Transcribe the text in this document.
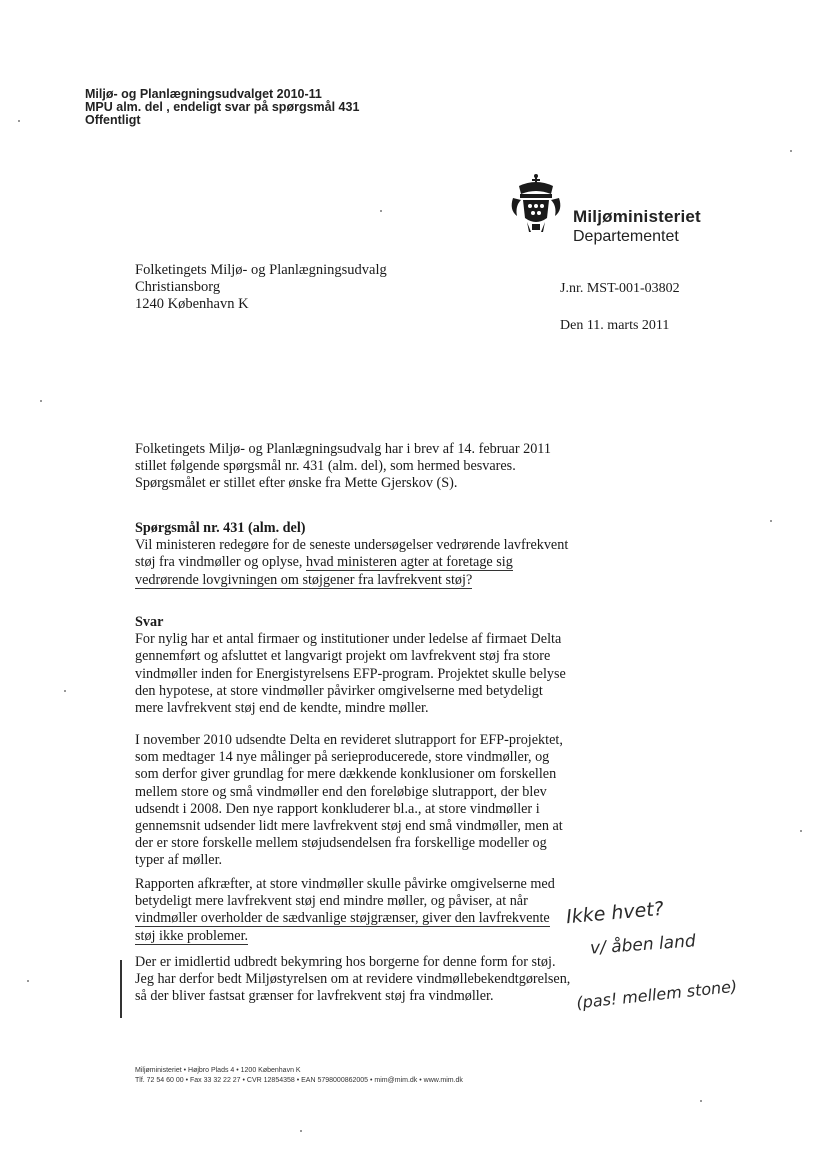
Miljø- og Planlægningsudvalget 2010-11
MPU alm. del , endeligt svar på spørgsmål 431
Offentligt
Miljøministeriet
Departementet
Folketingets Miljø- og Planlægningsudvalg
Christiansborg
1240 København K
J.nr. MST-001-03802
Den 11. marts 2011
Folketingets Miljø- og Planlægningsudvalg har i brev af 14. februar 2011
stillet følgende spørgsmål nr. 431 (alm. del), som hermed besvares.
Spørgsmålet er stillet efter ønske fra Mette Gjerskov (S).
Spørgsmål nr. 431 (alm. del)
Vil ministeren redegøre for de seneste undersøgelser vedrørende lavfrekvent
støj fra vindmøller og oplyse, hvad ministeren agter at foretage sig
vedrørende lovgivningen om støjgener fra lavfrekvent støj?
Svar
For nylig har et antal firmaer og institutioner under ledelse af firmaet Delta
gennemført og afsluttet et langvarigt projekt om lavfrekvent støj fra store
vindmøller inden for Energistyrelsens EFP-program. Projektet skulle belyse
den hypotese, at store vindmøller påvirker omgivelserne med betydeligt
mere lavfrekvent støj end de kendte, mindre møller.
I november 2010 udsendte Delta en revideret slutrapport for EFP-projektet,
som medtager 14 nye målinger på serieproducerede, store vindmøller, og
som derfor giver grundlag for mere dækkende konklusioner om forskellen
mellem store og små vindmøller end den foreløbige slutrapport, der blev
udsendt i 2008. Den nye rapport konkluderer bl.a., at store vindmøller i
gennemsnit udsender lidt mere lavfrekvent støj end små vindmøller, men at
der er store forskelle mellem støjudsendelsen fra forskellige modeller og
typer af møller.
Rapporten afkræfter, at store vindmøller skulle påvirke omgivelserne med
betydeligt mere lavfrekvent støj end mindre møller, og påviser, at når
vindmøller overholder de sædvanlige støjgrænser, giver den lavfrekvente
støj ikke problemer.
Der er imidlertid udbredt bekymring hos borgerne for denne form for støj.
Jeg har derfor bedt Miljøstyrelsen om at revidere vindmøllebekendtgørelsen,
så der bliver fastsat grænser for lavfrekvent støj fra vindmøller.
Ikke hvet?
v/ åben land
(pas! mellem stone)
Miljøministeriet • Højbro Plads 4 • 1200 København K
Tlf. 72 54 60 00 • Fax 33 32 22 27 • CVR 12854358 • EAN 5798000862005 • mim@mim.dk • www.mim.dk
